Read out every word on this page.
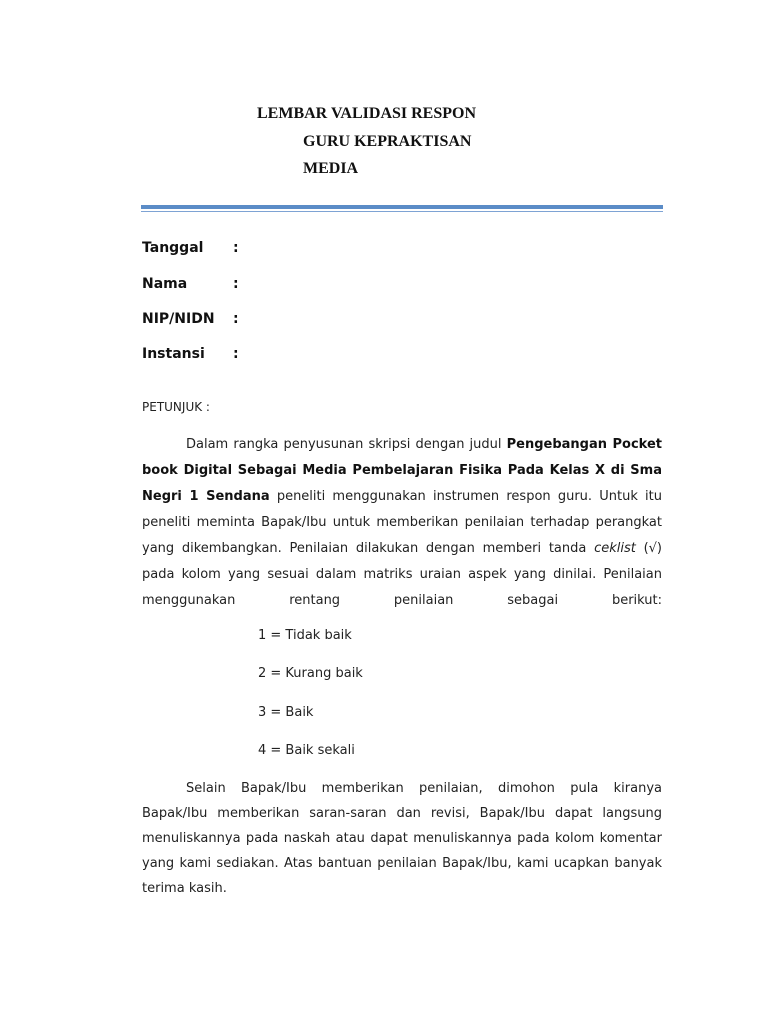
LEMBAR VALIDASI RESPON
GURU KEPRAKTISAN
MEDIA
Tanggal :
Nama	:
NIP/NIDN :
Instansi :
PETUNJUK :
Dalam rangka penyusunan skripsi dengan judul Pengebangan Pocket book Digital Sebagai Media Pembelajaran Fisika Pada Kelas X di Sma Negri 1 Sendana peneliti menggunakan instrumen respon guru. Untuk itu peneliti meminta Bapak/Ibu untuk memberikan penilaian terhadap perangkat yang dikembangkan. Penilaian dilakukan dengan memberi tanda ceklist (√) pada kolom yang sesuai dalam matriks uraian aspek yang dinilai. Penilaian menggunakan rentang penilaian sebagai berikut:
1 = Tidak baik
2 = Kurang baik
3 = Baik
4 = Baik sekali
Selain Bapak/Ibu memberikan penilaian, dimohon pula kiranya Bapak/Ibu memberikan saran-saran dan revisi, Bapak/Ibu dapat langsung menuliskannya pada naskah atau dapat menuliskannya pada kolom komentar yang kami sediakan. Atas bantuan penilaian Bapak/Ibu, kami ucapkan banyak terima kasih.
